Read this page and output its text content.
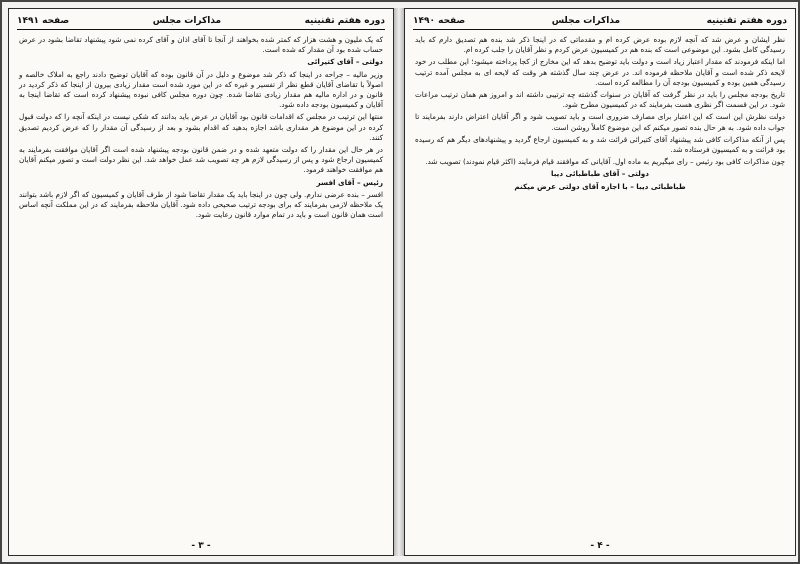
صفحه ۱۴۹۱	مذاکرات مجلس	دوره هفتم تقنینیه

که یک ملیون و هشت هزار که کمتر شده بخواهند از آنجا تا آقای اذان و آقای کرده نمی شود پیشنهاد تقاضا بشود در عرض حساب شده بود آن مقدار که شده است.

دولتی – آقای کتیرائی

وزیر مالیه – جراحه در اینجا که ذکر شد موضوع و دلیل در آن قانون بوده که آقایان توضیح دادند راجع به املاک خالصه و اصولاً با تقاضای آقایان قطع نظر از تفسیر و غیره که در این مورد شده است مقدار زیادی بیرون از اینجا که ذکر کردید در قانون و در اداره مالیه هم مقدار زیادی تقاضا شده. چون دوره مجلس کافی نبوده پیشنهاد کرده است که تقاضا اینجا به آقایان و کمیسیون بودجه داده شود.

منتها این ترتیب در مجلس که اقدامات قانون بود آقایان در عرض باید بدانند که شکی نیست در اینکه آنچه را که دولت قبول کرده در این موضوع هر مقداری باشد اجازه بدهید که اقدام بشود و بعد از رسیدگی آن مقدار را که عرض کردیم تصدیق کنند.

در هر حال این مقدار را که دولت متعهد شده و در ضمن قانون بودجه پیشنهاد شده است اگر آقایان موافقت بفرمایند به کمیسیون ارجاع شود و پس از رسیدگی لازم هر چه تصویب شد عمل خواهد شد. این نظر دولت است و تصور میکنم آقایان هم موافقت خواهند فرمود.

رئیس – آقای افسر

افسر – بنده عرضی ندارم. ولی چون در اینجا باید یک مقدار تقاضا شود از طرف آقایان و کمیسیون که اگر لازم باشد بتوانند یک ملاحظه لازمی بفرمایند که برای بودجه ترتیب صحیحی داده شود. آقایان ملاحظه بفرمایند که در این مملکت آنچه اساس است همان قانون است و باید در تمام موارد قانون رعایت شود.

- ۳ -
صفحه ۱۴۹۰	مذاکرات مجلس	دوره هفتم تقنینیه

نظر ایشان و عرض شد که آنچه لازم بوده عرض کرده ام و مقدماتی که در اینجا ذکر شد بنده هم تصدیق دارم که باید رسیدگی کامل بشود. این موضوعی است که بنده هم در کمیسیون عرض کردم و نظر آقایان را جلب کرده ام.

اما اینکه فرمودند که مقدار اعتبار زیاد است و دولت باید توضیح بدهد که این مخارج از کجا پرداخته میشود؛ این مطلب در خود لایحه ذکر شده است و آقایان ملاحظه فرموده اند. در عرض چند سال گذشته هر وقت که لایحه ای به مجلس آمده ترتیب رسیدگی همین بوده و کمیسیون بودجه آن را مطالعه کرده است.

تاریخ بودجه مجلس را باید در نظر گرفت که آقایان در سنوات گذشته چه ترتیبی داشته اند و امروز هم همان ترتیب مراعات شود. در این قسمت اگر نظری هست بفرمایند که در کمیسیون مطرح شود.

دولت نظرش این است که این اعتبار برای مصارف ضروری است و باید تصویب شود و اگر آقایان اعتراض دارند بفرمایند تا جواب داده شود. به هر حال بنده تصور میکنم که این موضوع کاملاً روشن است.

پس از آنکه مذاکرات کافی شد پیشنهاد آقای کتیرائی قرائت شد و به کمیسیون ارجاع گردید و پیشنهادهای دیگر هم که رسیده بود قرائت و به کمیسیون فرستاده شد.

چون مذاکرات کافی بود رئیس – رای میگیریم به ماده اول. آقایانی که موافقند قیام فرمایند (اکثر قیام نمودند) تصویب شد.

دولتی – آقای طباطبائی دیبا

طباطبائی دیبا – با اجازه آقای دولتی عرض میکنم

- ۴ -
